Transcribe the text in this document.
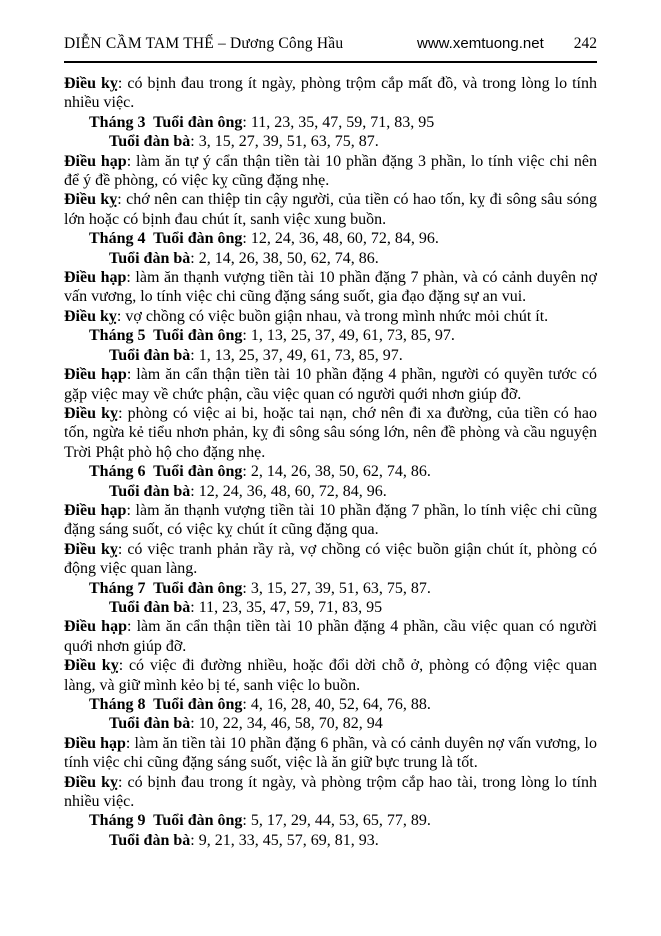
DIỄN CẦM TAM THẾ – Dương Công Hầu	www.xemtuong.net 242

Điều kỵ: có bịnh đau trong ít ngày, phòng trộm cắp mất đồ, và trong lòng lo tính nhiều việc.

Tháng 3  Tuổi đàn ông: 11, 23, 35, 47, 59, 71, 83, 95

Tuổi đàn bà: 3, 15, 27, 39, 51, 63, 75, 87.

Điều hạp: làm ăn tự ý cẩn thận tiền tài 10 phần đặng 3 phần, lo tính việc chi nên để ý đề phòng, có việc kỵ cũng đặng nhẹ.

Điều kỵ: chớ nên can thiệp tin cậy người, của tiền có hao tốn, kỵ đi sông sâu sóng lớn hoặc có bịnh đau chút ít, sanh việc xung buồn.

Tháng 4  Tuổi đàn ông: 12, 24, 36, 48, 60, 72, 84, 96.

Tuổi đàn bà: 2, 14, 26, 38, 50, 62, 74, 86.

Điều hạp: làm ăn thạnh vượng tiền tài 10 phần đặng 7 phàn, và có cảnh duyên nợ vấn vương, lo tính việc chi cũng đặng sáng suốt, gia đạo đặng sự an vui.

Điều kỵ: vợ chồng có việc buồn giận nhau, và trong mình nhức mỏi chút ít.

Tháng 5  Tuổi đàn ông: 1, 13, 25, 37, 49, 61, 73, 85, 97.

Tuổi đàn bà: 1, 13, 25, 37, 49, 61, 73, 85, 97.

Điều hạp: làm ăn cẩn thận tiền tài 10 phần đặng 4 phần, người có quyền tước có gặp việc may về chức phận, cầu việc quan có người quới nhơn giúp đỡ.

Điều kỵ: phòng có việc ai bi, hoặc tai nạn, chớ nên đi xa đường, của tiền có hao tốn, ngừa kẻ tiểu nhơn phản, kỵ đi sông sâu sóng lớn, nên đề phòng và cầu nguyện Trời Phật phò hộ cho đặng nhẹ.

Tháng 6  Tuổi đàn ông: 2, 14, 26, 38, 50, 62, 74, 86.

Tuổi đàn bà: 12, 24, 36, 48, 60, 72, 84, 96.

Điều hạp: làm ăn thạnh vượng tiền tài 10 phần đặng 7 phần, lo tính việc chi cũng đặng sáng suốt, có việc kỵ chút ít cũng đặng qua.

Điều kỵ: có việc tranh phản rầy rà, vợ chồng có việc buồn giận chút ít, phòng có động việc quan làng.

Tháng 7  Tuổi đàn ông: 3, 15, 27, 39, 51, 63, 75, 87.

Tuổi đàn bà: 11, 23, 35, 47, 59, 71, 83, 95

Điều hạp: làm ăn cẩn thận tiền tài 10 phần đặng 4 phần, cầu việc quan có người quới nhơn giúp đỡ.

Điều kỵ: có việc đi đường nhiều, hoặc đổi dời chỗ ở, phòng có động việc quan làng, và giữ mình kẻo bị té, sanh việc lo buồn.

Tháng 8  Tuổi đàn ông: 4, 16, 28, 40, 52, 64, 76, 88.

Tuổi đàn bà: 10, 22, 34, 46, 58, 70, 82, 94

Điều hạp: làm ăn tiền tài 10 phần đặng 6 phần, và có cảnh duyên nợ vấn vương, lo tính việc chi cũng đặng sáng suốt, việc là ăn giữ bực trung là tốt.

Điều kỵ: có bịnh đau trong ít ngày, và phòng trộm cắp hao tài, trong lòng lo tính nhiều việc.

Tháng 9  Tuổi đàn ông: 5, 17, 29, 44, 53, 65, 77, 89.

Tuổi đàn bà: 9, 21, 33, 45, 57, 69, 81, 93.
